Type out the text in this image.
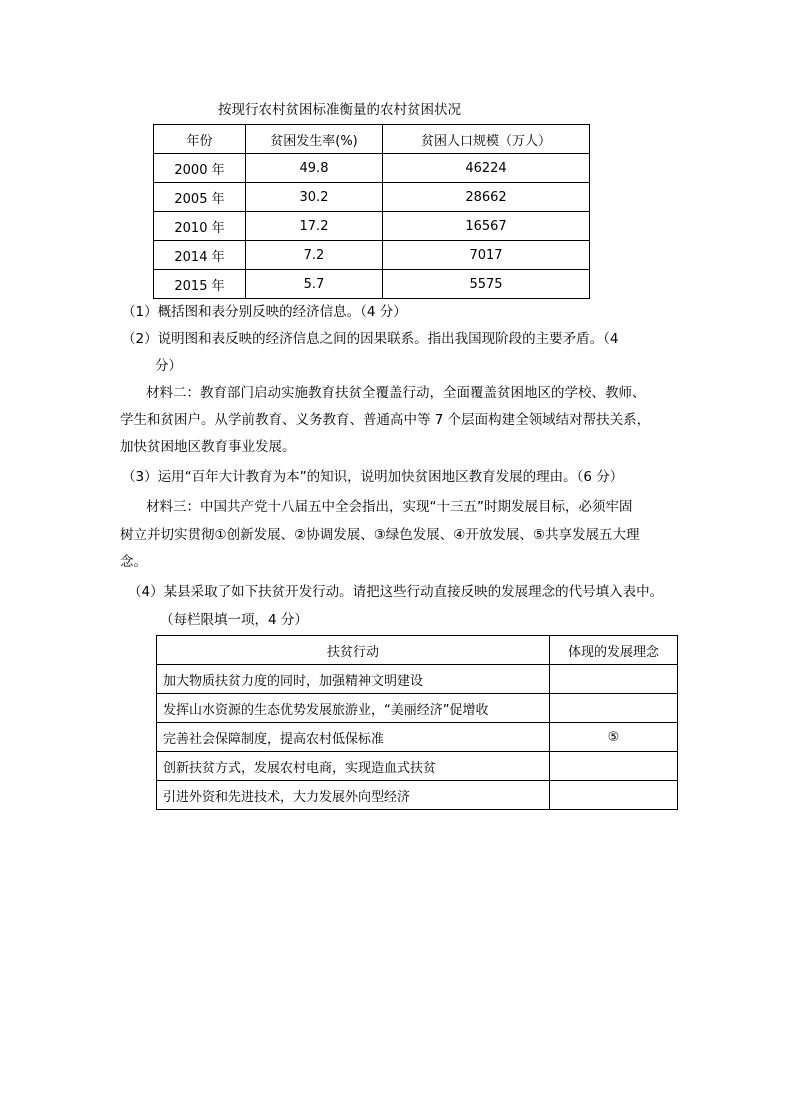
按现行农村贫困标准衡量的农村贫困状况
年份	贫困发生率(%)	贫困人口规模（万人）
2000 年	49.8	46224
2005 年	30.2	28662
2010 年	17.2	16567
2014 年	7.2	7017
2015 年	5.7	5575
（1）概括图和表分别反映的经济信息。（4 分）
（2）说明图和表反映的经济信息之间的因果联系。指出我国现阶段的主要矛盾。（4
分）
材料二：教育部门启动实施教育扶贫全覆盖行动，全面覆盖贫困地区的学校、教师、
学生和贫困户。从学前教育、义务教育、普通高中等 7 个层面构建全领域结对帮扶关系，
加快贫困地区教育事业发展。
（3）运用“百年大计教育为本”的知识，说明加快贫困地区教育发展的理由。（6 分）
材料三：中国共产党十八届五中全会指出，实现“十三五”时期发展目标，必须牢固
树立并切实贯彻①创新发展、②协调发展、③绿色发展、④开放发展、⑤共享发展五大理
念。
（4）某县采取了如下扶贫开发行动。请把这些行动直接反映的发展理念的代号填入表中。
（每栏限填一项，4 分）
扶贫行动	体现的发展理念
加大物质扶贫力度的同时，加强精神文明建设	
发挥山水资源的生态优势发展旅游业，“美丽经济”促增收	
完善社会保障制度，提高农村低保标准	⑤
创新扶贫方式，发展农村电商，实现造血式扶贫	
引进外资和先进技术，大力发展外向型经济	
